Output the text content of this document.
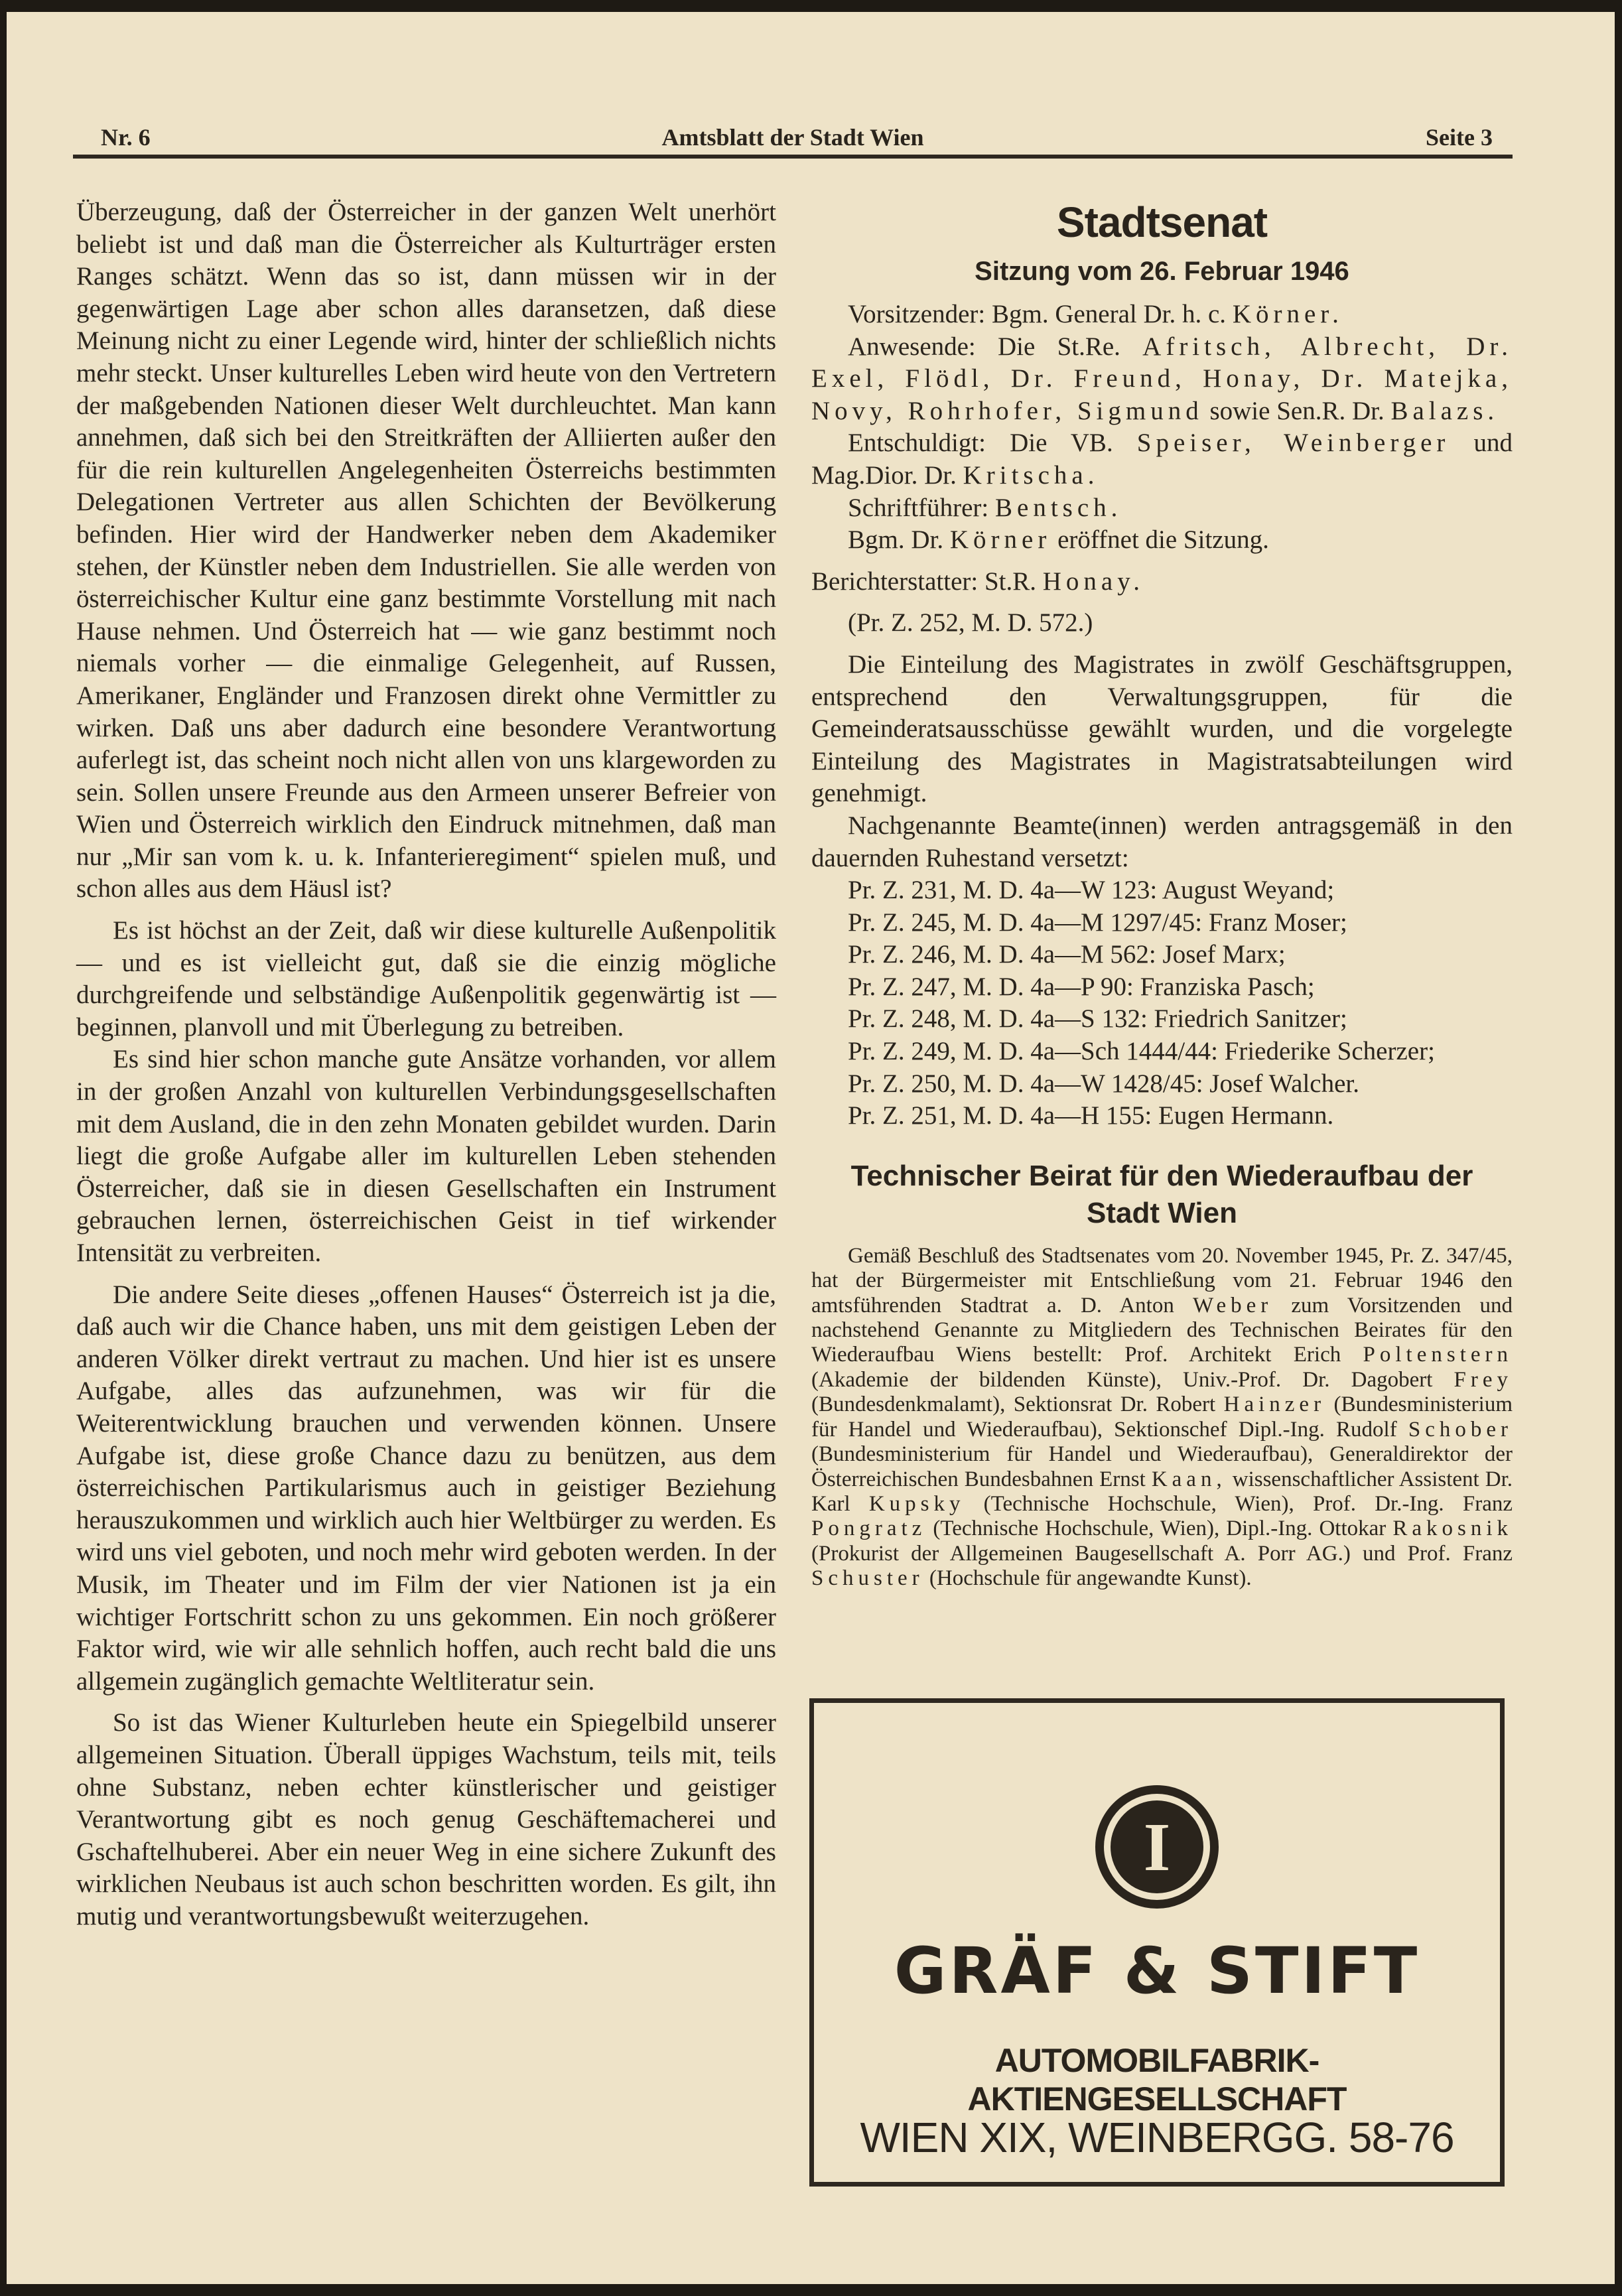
Nr. 6	Amtsblatt der Stadt Wien	Seite 3

Überzeugung, daß der Österreicher in der ganzen Welt unerhört beliebt ist und daß man die Österreicher als Kulturträger ersten Ranges schätzt. Wenn das so ist, dann müssen wir in der gegenwärtigen Lage aber schon alles daransetzen, daß diese Meinung nicht zu einer Legende wird, hinter der schließlich nichts mehr steckt. Unser kulturelles Leben wird heute von den Vertretern der maßgebenden Nationen dieser Welt durchleuchtet. Man kann annehmen, daß sich bei den Streitkräften der Alliierten außer den für die rein kulturellen Angelegenheiten Österreichs bestimmten Delegationen Vertreter aus allen Schichten der Bevölkerung befinden. Hier wird der Handwerker neben dem Akademiker stehen, der Künstler neben dem Industriellen. Sie alle werden von österreichischer Kultur eine ganz bestimmte Vorstellung mit nach Hause nehmen. Und Österreich hat — wie ganz bestimmt noch niemals vorher — die einmalige Gelegenheit, auf Russen, Amerikaner, Engländer und Franzosen direkt ohne Vermittler zu wirken. Daß uns aber dadurch eine besondere Verantwortung auferlegt ist, das scheint noch nicht allen von uns klargeworden zu sein. Sollen unsere Freunde aus den Armeen unserer Befreier von Wien und Österreich wirklich den Eindruck mitnehmen, daß man nur „Mir san vom k. u. k. Infanterieregiment“ spielen muß, und schon alles aus dem Häusl ist?

Es ist höchst an der Zeit, daß wir diese kulturelle Außenpolitik — und es ist vielleicht gut, daß sie die einzig mögliche durchgreifende und selbständige Außenpolitik gegenwärtig ist — beginnen, planvoll und mit Überlegung zu betreiben.

Es sind hier schon manche gute Ansätze vorhanden, vor allem in der großen Anzahl von kulturellen Verbindungsgesellschaften mit dem Ausland, die in den zehn Monaten gebildet wurden. Darin liegt die große Aufgabe aller im kulturellen Leben stehenden Österreicher, daß sie in diesen Gesellschaften ein Instrument gebrauchen lernen, österreichischen Geist in tief wirkender Intensität zu verbreiten.

Die andere Seite dieses „offenen Hauses“ Österreich ist ja die, daß auch wir die Chance haben, uns mit dem geistigen Leben der anderen Völker direkt vertraut zu machen. Und hier ist es unsere Aufgabe, alles das aufzunehmen, was wir für die Weiterentwicklung brauchen und verwenden können. Unsere Aufgabe ist, diese große Chance dazu zu benützen, aus dem österreichischen Partikularismus auch in geistiger Beziehung herauszukommen und wirklich auch hier Weltbürger zu werden. Es wird uns viel geboten, und noch mehr wird geboten werden. In der Musik, im Theater und im Film der vier Nationen ist ja ein wichtiger Fortschritt schon zu uns gekommen. Ein noch größerer Faktor wird, wie wir alle sehnlich hoffen, auch recht bald die uns allgemein zugänglich gemachte Weltliteratur sein.

So ist das Wiener Kulturleben heute ein Spiegelbild unserer allgemeinen Situation. Überall üppiges Wachstum, teils mit, teils ohne Substanz, neben echter künstlerischer und geistiger Verantwortung gibt es noch genug Geschäftemacherei und Gschaftelhuberei. Aber ein neuer Weg in eine sichere Zukunft des wirklichen Neubaus ist auch schon beschritten worden. Es gilt, ihn mutig und verantwortungsbewußt weiterzugehen.

Stadtsenat
Sitzung vom 26. Februar 1946

Vorsitzender: Bgm. General Dr. h. c. Körner.

Anwesende: Die St.Re. Afritsch, Albrecht, Dr. Exel, Flödl, Dr. Freund, Honay, Dr. Matejka, Novy, Rohrhofer, Sigmund sowie Sen.R. Dr. Balazs.

Entschuldigt: Die VB. Speiser, Weinberger und Mag.Dior. Dr. Kritscha.

Schriftführer: Bentsch.

Bgm. Dr. Körner eröffnet die Sitzung.

Berichterstatter: St.R. Honay.

(Pr. Z. 252, M. D. 572.)

Die Einteilung des Magistrates in zwölf Geschäftsgruppen, entsprechend den Verwaltungsgruppen, für die Gemeinderatsausschüsse gewählt wurden, und die vorgelegte Einteilung des Magistrates in Magistratsabteilungen wird genehmigt.

Nachgenannte Beamte(innen) werden antragsgemäß in den dauernden Ruhestand versetzt:

Pr. Z. 231, M. D. 4a—W 123: August Weyand;

Pr. Z. 245, M. D. 4a—M 1297/45: Franz Moser;

Pr. Z. 246, M. D. 4a—M 562: Josef Marx;

Pr. Z. 247, M. D. 4a—P 90: Franziska Pasch;

Pr. Z. 248, M. D. 4a—S 132: Friedrich Sanitzer;

Pr. Z. 249, M. D. 4a—Sch 1444/44: Friederike Scherzer;

Pr. Z. 250, M. D. 4a—W 1428/45: Josef Walcher.

Pr. Z. 251, M. D. 4a—H 155: Eugen Hermann.

Technischer Beirat für den Wiederaufbau der Stadt Wien

Gemäß Beschluß des Stadtsenates vom 20. November 1945, Pr. Z. 347/45, hat der Bürgermeister mit Entschließung vom 21. Februar 1946 den amtsführenden Stadtrat a. D. Anton Weber zum Vorsitzenden und nachstehend Genannte zu Mitgliedern des Technischen Beirates für den Wiederaufbau Wiens bestellt: Prof. Architekt Erich Poltenstern (Akademie der bildenden Künste), Univ.-Prof. Dr. Dagobert Frey (Bundesdenkmalamt), Sektionsrat Dr. Robert Hainzer (Bundesministerium für Handel und Wiederaufbau), Sektionschef Dipl.-Ing. Rudolf Schober (Bundesministerium für Handel und Wiederaufbau), Generaldirektor der Österreichischen Bundesbahnen Ernst Kaan, wissenschaftlicher Assistent Dr. Karl Kupsky (Technische Hochschule, Wien), Prof. Dr.-Ing. Franz Pongratz (Technische Hochschule, Wien), Dipl.-Ing. Ottokar Rakosnik (Prokurist der Allgemeinen Baugesellschaft A. Porr AG.) und Prof. Franz Schuster (Hochschule für angewandte Kunst).

I
GRÄF & STIFT
AUTOMOBILFABRIK-AKTIENGESELLSCHAFT
WIEN XIX, WEINBERGG. 58-76
